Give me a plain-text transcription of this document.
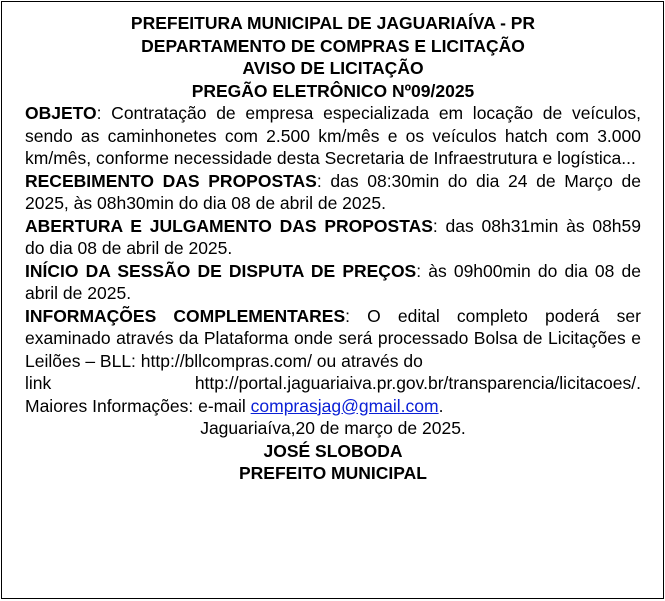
PREFEITURA MUNICIPAL DE JAGUARIAÍVA - PR
DEPARTAMENTO DE COMPRAS E LICITAÇÃO
AVISO DE LICITAÇÃO
PREGÃO ELETRÔNICO Nº09/2025
OBJETO: Contratação de empresa especializada em locação de veículos, sendo as caminhonetes com 2.500 km/mês e os veículos hatch com 3.000 km/mês, conforme necessidade desta Secretaria de Infraestrutura e logística...
RECEBIMENTO DAS PROPOSTAS: das 08:30min do dia 24 de Março de 2025, às 08h30min do dia 08 de abril de 2025.
ABERTURA E JULGAMENTO DAS PROPOSTAS: das 08h31min às 08h59 do dia 08 de abril de 2025.
INÍCIO DA SESSÃO DE DISPUTA DE PREÇOS: às 09h00min do dia 08 de abril de 2025.
INFORMAÇÕES COMPLEMENTARES: O edital completo poderá ser examinado através da Plataforma onde será processado Bolsa de Licitações e Leilões – BLL: http://bllcompras.com/ ou através do
link	http://portal.jaguariaiva.pr.gov.br/transparencia/licitacoes/.
Maiores Informações: e-mail comprasjag@gmail.com.
Jaguariaíva,20 de março de 2025.
JOSÉ SLOBODA
PREFEITO MUNICIPAL
